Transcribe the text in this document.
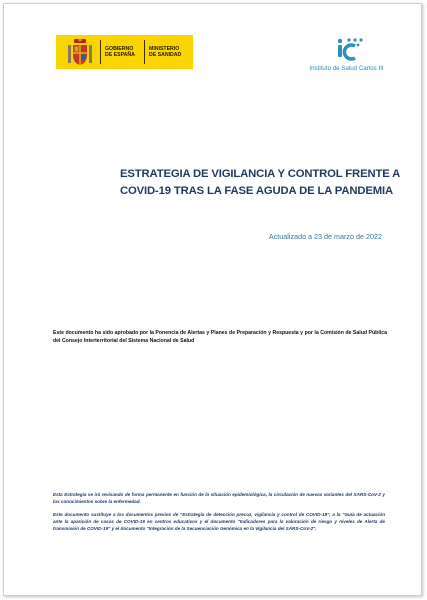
GOBIERNO
DE ESPAÑA
MINISTERIO
DE SANIDAD
Instituto de Salud Carlos III
ESTRATEGIA DE VIGILANCIA Y CONTROL FRENTE A
COVID-19 TRAS LA FASE AGUDA DE LA PANDEMIA
Actualizado a 23 de marzo de 2022
Este documento ha sido aprobado por la Ponencia de Alertas y Planes de Preparación y Respuesta y por la Comisión de Salud Pública del Consejo Interterritorial del Sistema Nacional de Salud
Esta Estrategia se irá revisando de forma permanente en función de la situación epidemiológica, la circulación de nuevas variantes del SARS-CoV-2 y los conocimientos sobre la enfermedad.
Este documento sustituye a los documentos previos de "Estrategia de detección precoz, vigilancia y control de COVID-19", a la "Guía de actuación ante la aparición de casos de COVID-19 en centros educativos y el documento "Indicadores para la valoración de riesgo y niveles de Alerta de transmisión de COVID-19" y el documento "Integración de la Secuenciación Genómica en la Vigilancia del SARS-CoV-2".
